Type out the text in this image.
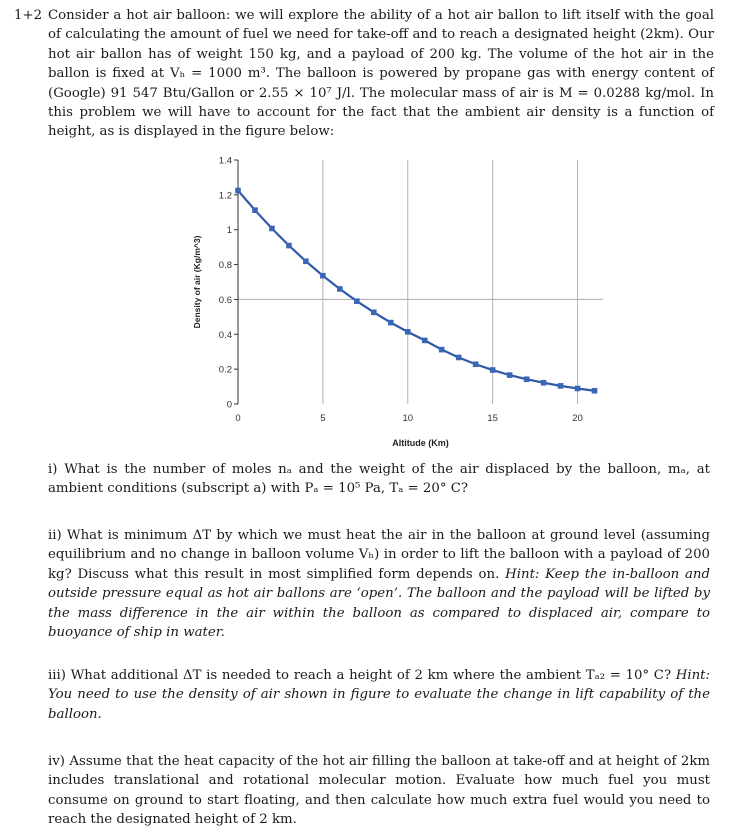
1+2 Consider a hot air balloon: we will explore the ability of a hot air ballon to lift itself with the goal of calculating the amount of fuel we need for take-off and to reach a designated height (2km). Our hot air ballon has of weight 150 kg, and a payload of 200 kg. The volume of the hot air in the ballon is fixed at Vₕ = 1000 m³. The balloon is powered by propane gas with energy content of (Google) 91 547 Btu/Gallon or 2.55 × 10⁷ J/l. The molecular mass of air is M = 0.0288 kg/mol. In this problem we will have to account for the fact that the ambient air density is a function of height, as is displayed in the figure below:
0
0.2
0.4
0.6
0.8
1
1.2
1.4
0	5	10	15	20
Altitude (Km)
Density of air (Kg/m^3)
i) What is the number of moles nₐ and the weight of the air displaced by the balloon, mₐ, at ambient conditions (subscript a) with Pₐ = 10⁵ Pa, Tₐ = 20° C?
ii) What is minimum ΔT by which we must heat the air in the balloon at ground level (assuming equilibrium and no change in balloon volume Vₕ) in order to lift the balloon with a payload of 200 kg? Discuss what this result in most simplified form depends on. Hint: Keep the in-balloon and outside pressure equal as hot air ballons are ‘open’. The balloon and the payload will be lifted by the mass difference in the air within the balloon as compared to displaced air, compare to buoyance of ship in water.
iii) What additional ΔT is needed to reach a height of 2 km where the ambient Tₐ₂ = 10° C? Hint: You need to use the density of air shown in figure to evaluate the change in lift capability of the balloon.
iv) Assume that the heat capacity of the hot air filling the balloon at take-off and at height of 2km includes translational and rotational molecular motion. Evaluate how much fuel you must consume on ground to start floating, and then calculate how much extra fuel would you need to reach the designated height of 2 km.
